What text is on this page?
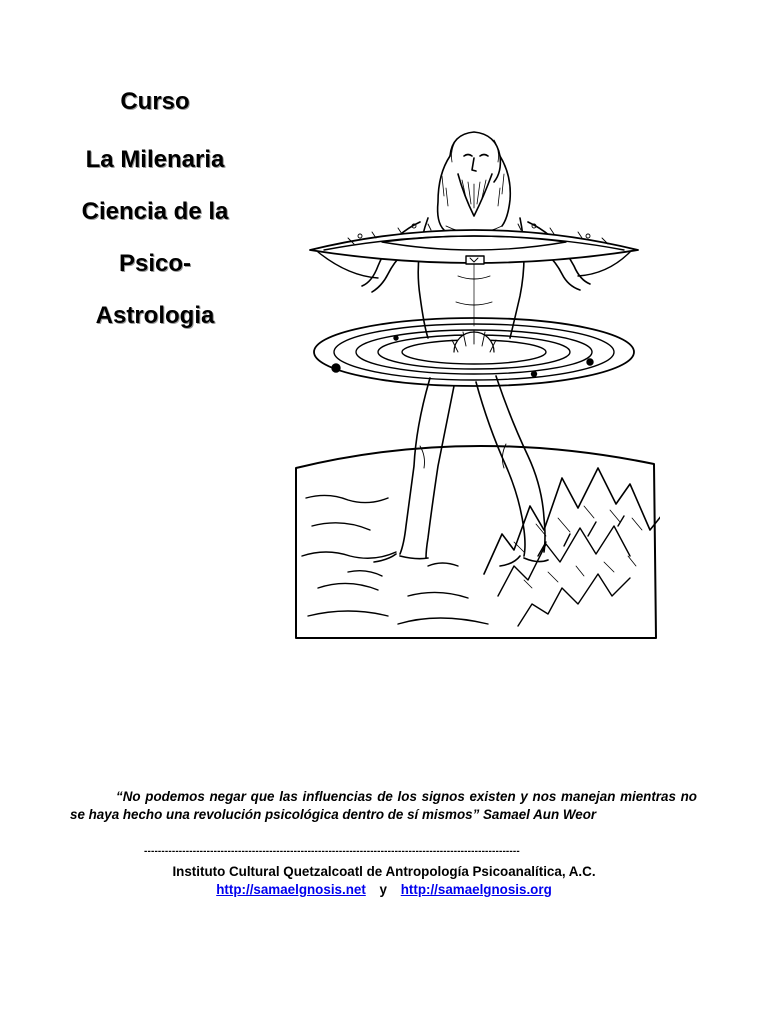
Curso
La Milenaria
Ciencia de la
Psico-
Astrologia
“No podemos negar que las influencias de los signos existen y nos manejan mientras no se haya hecho una revolución psicológica dentro de sí mismos” Samael Aun Weor
------------------------------------------------------------------------------------------------------------
Instituto Cultural Quetzalcoatl de Antropología Psicoanalítica, A.C.
http://samaelgnosis.net y http://samaelgnosis.org
